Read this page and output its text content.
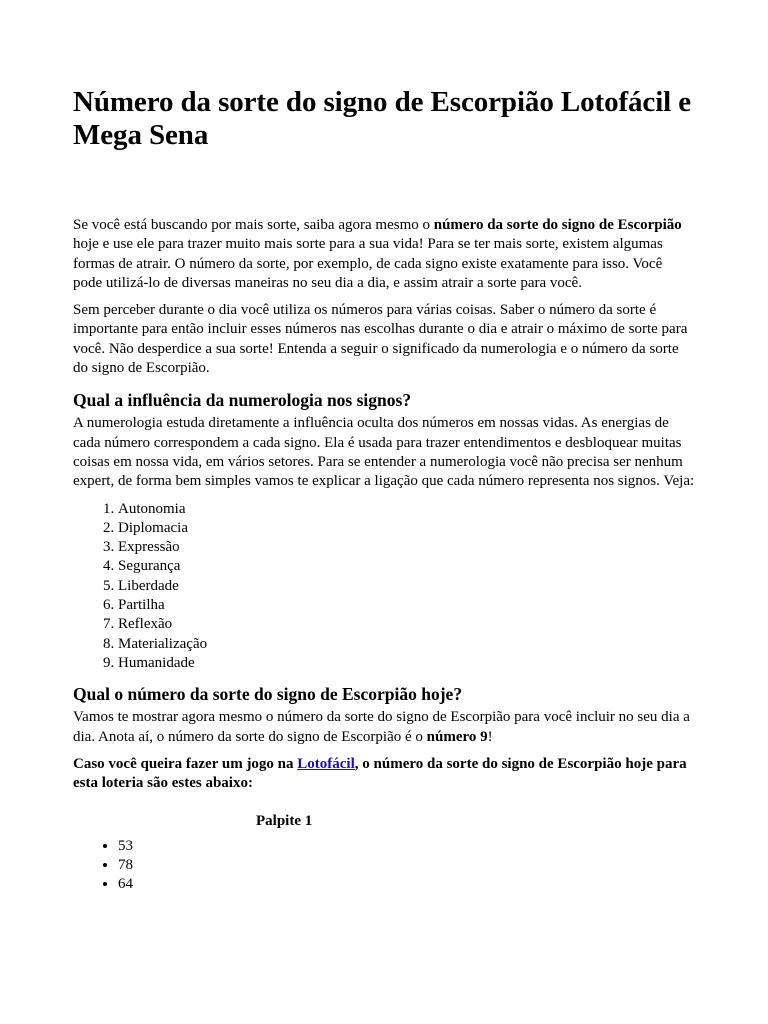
Número da sorte do signo de Escorpião Lotofácil e Mega Sena

Se você está buscando por mais sorte, saiba agora mesmo o número da sorte do signo de Escorpião hoje e use ele para trazer muito mais sorte para a sua vida! Para se ter mais sorte, existem algumas formas de atrair. O número da sorte, por exemplo, de cada signo existe exatamente para isso. Você pode utilizá-lo de diversas maneiras no seu dia a dia, e assim atrair a sorte para você.

Sem perceber durante o dia você utiliza os números para várias coisas. Saber o número da sorte é importante para então incluir esses números nas escolhas durante o dia e atrair o máximo de sorte para você. Não desperdice a sua sorte! Entenda a seguir o significado da numerologia e o número da sorte do signo de Escorpião.

Qual a influência da numerologia nos signos?

A numerologia estuda diretamente a influência oculta dos números em nossas vidas. As energias de cada número correspondem a cada signo. Ela é usada para trazer entendimentos e desbloquear muitas coisas em nossa vida, em vários setores. Para se entender a numerologia você não precisa ser nenhum expert, de forma bem simples vamos te explicar a ligação que cada número representa nos signos. Veja:

1. Autonomia
2. Diplomacia
3. Expressão
4. Segurança
5. Liberdade
6. Partilha
7. Reflexão
8. Materialização
9. Humanidade
Qual o número da sorte do signo de Escorpião hoje?

Vamos te mostrar agora mesmo o número da sorte do signo de Escorpião para você incluir no seu dia a dia. Anota aí, o número da sorte do signo de Escorpião é o número 9!

Caso você queira fazer um jogo na Lotofácil, o número da sorte do signo de Escorpião hoje para esta loteria são estes abaixo:

Palpite 1
• 53
• 78
• 64
